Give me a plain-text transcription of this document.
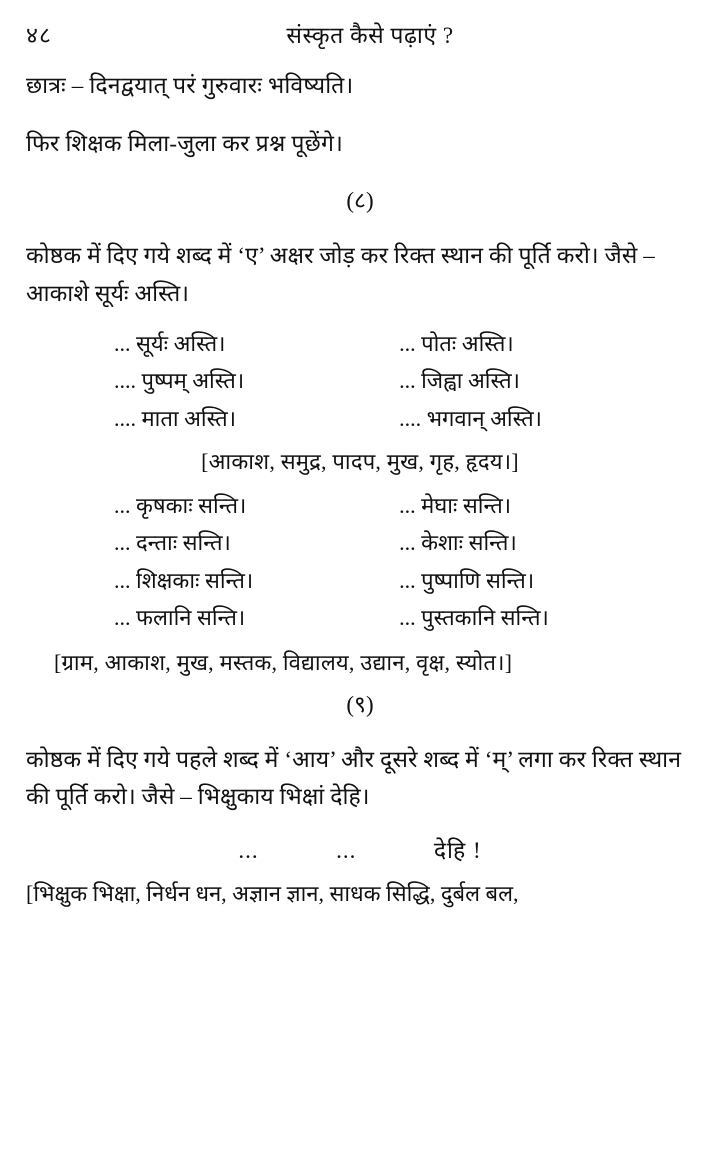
४८	संस्कृत कैसे पढ़ाएं ?

छात्रः – दिनद्वयात् परं गुरुवारः भविष्यति।

फिर शिक्षक मिला-जुला कर प्रश्न पूछेंगे।

(८)

कोष्ठक में दिए गये शब्द में ‘ए’ अक्षर जोड़ कर रिक्त स्थान की पूर्ति करो। जैसे – आकाशे सूर्यः अस्ति।

... सूर्यः अस्ति।	... पोतः अस्ति।
.... पुष्पम् अस्ति।	... जिह्वा अस्ति।
.... माता अस्ति।	.... भगवान् अस्ति।
[आकाश, समुद्र, पादप, मुख, गृह, हृदय।]
... कृषकाः सन्ति।	... मेघाः सन्ति।
... दन्ताः सन्ति।	... केशाः सन्ति।
... शिक्षकाः सन्ति।	... पुष्पाणि सन्ति।
... फलानि सन्ति।	... पुस्तकानि सन्ति।
[ग्राम, आकाश, मुख, मस्तक, विद्यालय, उद्यान, वृक्ष, स्योत।]
(९)

कोष्ठक में दिए गये पहले शब्द में ‘आय’ और दूसरे शब्द में ‘म्’ लगा कर रिक्त स्थान की पूर्ति करो। जैसे – भिक्षुकाय भिक्षां देहि।

...	...	देहि !
[भिक्षुक भिक्षा, निर्धन धन, अज्ञान ज्ञान, साधक सिद्धि, दुर्बल बल,
